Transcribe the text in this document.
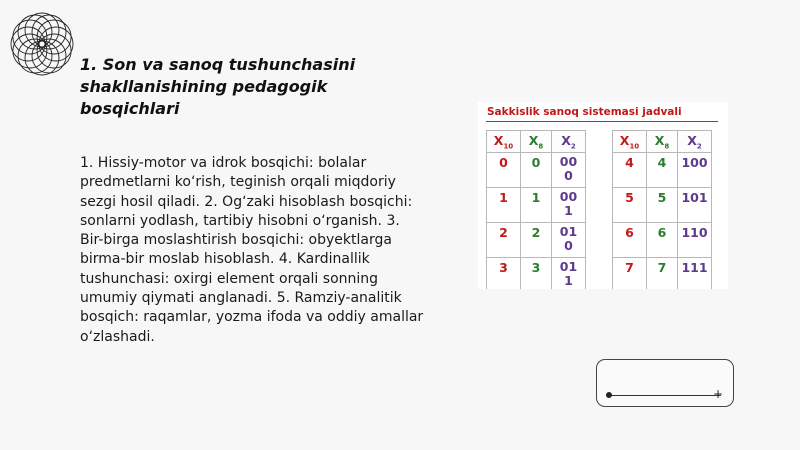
1. Son va sanoq tushunchasini
shakllanishining pedagogik
bosqichlari
1. Hissiy-motor va idrok bosqichi: bolalar predmetlarni ko‘rish, teginish orqali miqdoriy sezgi hosil qiladi. 2. Og‘zaki hisoblash bosqichi: sonlarni yodlash, tartibiy hisobni o‘rganish. 3. Bir-birga moslashtirish bosqichi: obyektlarga birma-bir moslab hisoblash. 4. Kardinallik tushunchasi: oxirgi element orqali sonning umumiy qiymati anglanadi. 5. Ramziy-analitik bosqich: raqamlar, yozma ifoda va oddiy amallar o‘zlashadi.
Sakkislik sanoq sistemasi jadvali
$X_{10}$	$X_8$	$X_2$
0	0	000

1	1	001

2	2	010

3	3	011
$X_{10}$	$X_8$	$X_2$
4	4	100
5	5	101
6	6	110
7	7	111
+
